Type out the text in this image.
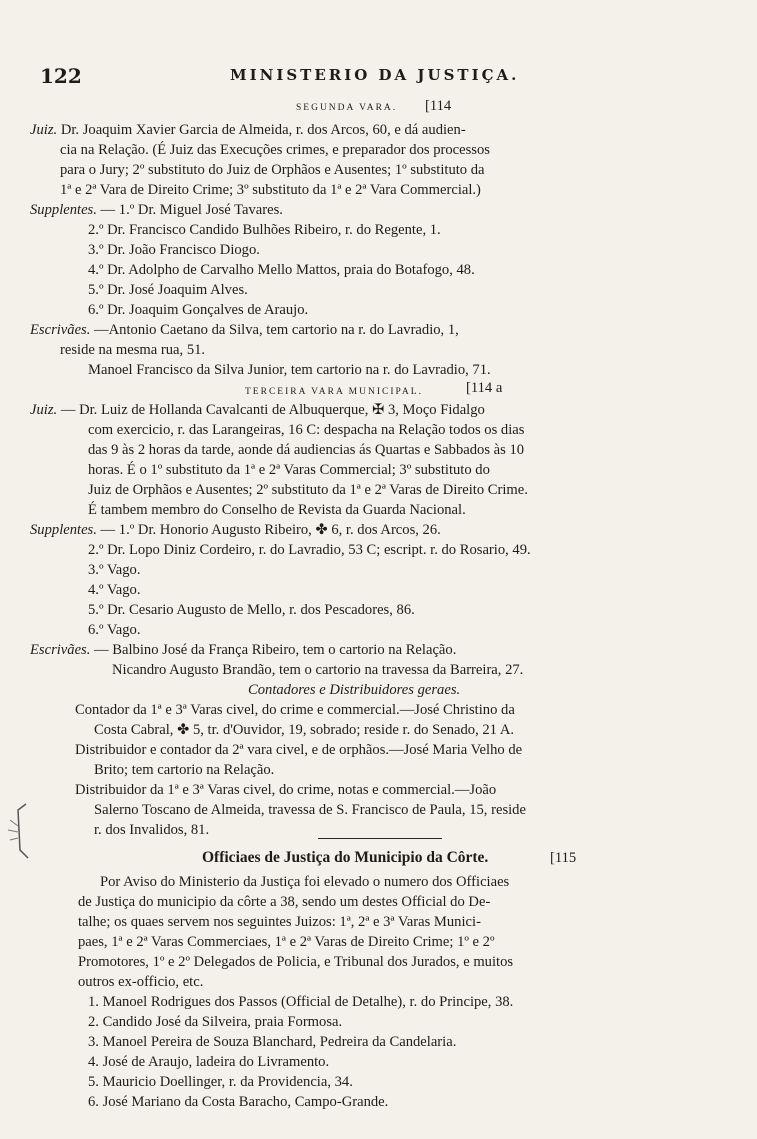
122	MINISTERIO DA JUSTIÇA.
SEGUNDA VARA. [114
Juiz. Dr. Joaquim Xavier Garcia de Almeida, r. dos Arcos, 60, e dá audien-
cia na Relação. (É Juiz das Execuções crimes, e preparador dos processos
para o Jury; 2º substituto do Juiz de Orphãos e Ausentes; 1º substituto da
1ª e 2ª Vara de Direito Crime; 3º substituto da 1ª e 2ª Vara Commercial.)
Supplentes. — 1.º Dr. Miguel José Tavares.
2.º Dr. Francisco Candido Bulhões Ribeiro, r. do Regente, 1.
3.º Dr. João Francisco Diogo.
4.º Dr. Adolpho de Carvalho Mello Mattos, praia do Botafogo, 48.
5.º Dr. José Joaquim Alves.
6.º Dr. Joaquim Gonçalves de Araujo.
Escrivães. —Antonio Caetano da Silva, tem cartorio na r. do Lavradio, 1,
reside na mesma rua, 51.
Manoel Francisco da Silva Junior, tem cartorio na r. do Lavradio, 71.
TERCEIRA VARA MUNICIPAL.	[114 a
Juiz. — Dr. Luiz de Hollanda Cavalcanti de Albuquerque, ✠ 3, Moço Fidalgo
com exercicio, r. das Larangeiras, 16 C: despacha na Relação todos os dias
das 9 às 2 horas da tarde, aonde dá audiencias ás Quartas e Sabbados às 10
horas. É o 1º substituto da 1ª e 2ª Varas Commercial; 3º substituto do
Juiz de Orphãos e Ausentes; 2º substituto da 1ª e 2ª Varas de Direito Crime.
É tambem membro do Conselho de Revista da Guarda Nacional.
Supplentes. — 1.º Dr. Honorio Augusto Ribeiro, ✤ 6, r. dos Arcos, 26.
2.º Dr. Lopo Diniz Cordeiro, r. do Lavradio, 53 C; escript. r. do Rosario, 49.
3.º Vago.
4.º Vago.
5.º Dr. Cesario Augusto de Mello, r. dos Pescadores, 86.
6.º Vago.
Escrivães. — Balbino José da França Ribeiro, tem o cartorio na Relação.
Nicandro Augusto Brandão, tem o cartorio na travessa da Barreira, 27.
Contadores e Distribuidores geraes.
Contador da 1ª e 3ª Varas civel, do crime e commercial.—José Christino da
Costa Cabral, ✤ 5, tr. d'Ouvidor, 19, sobrado; reside r. do Senado, 21 A.
Distribuidor e contador da 2ª vara civel, e de orphãos.—José Maria Velho de
Brito; tem cartorio na Relação.
Distribuidor da 1ª e 3ª Varas civel, do crime, notas e commercial.—João
Salerno Toscano de Almeida, travessa de S. Francisco de Paula, 15, reside
r. dos Invalidos, 81.
Officiaes de Justiça do Municipio da Côrte.	[115
Por Aviso do Ministerio da Justiça foi elevado o numero dos Officiaes
de Justiça do municipio da côrte a 38, sendo um destes Official do De-
talhe; os quaes servem nos seguintes Juizos: 1ª, 2ª e 3ª Varas Munici-
paes, 1ª e 2ª Varas Commerciaes, 1ª e 2ª Varas de Direito Crime; 1º e 2º
Promotores, 1º e 2º Delegados de Policia, e Tribunal dos Jurados, e muitos
outros ex-officio, etc.
1. Manoel Rodrigues dos Passos (Official de Detalhe), r. do Principe, 38.
2. Candido José da Silveira, praia Formosa.
3. Manoel Pereira de Souza Blanchard, Pedreira da Candelaria.
4. José de Araujo, ladeira do Livramento.
5. Mauricio Doellinger, r. da Providencia, 34.
6. José Mariano da Costa Baracho, Campo-Grande.
